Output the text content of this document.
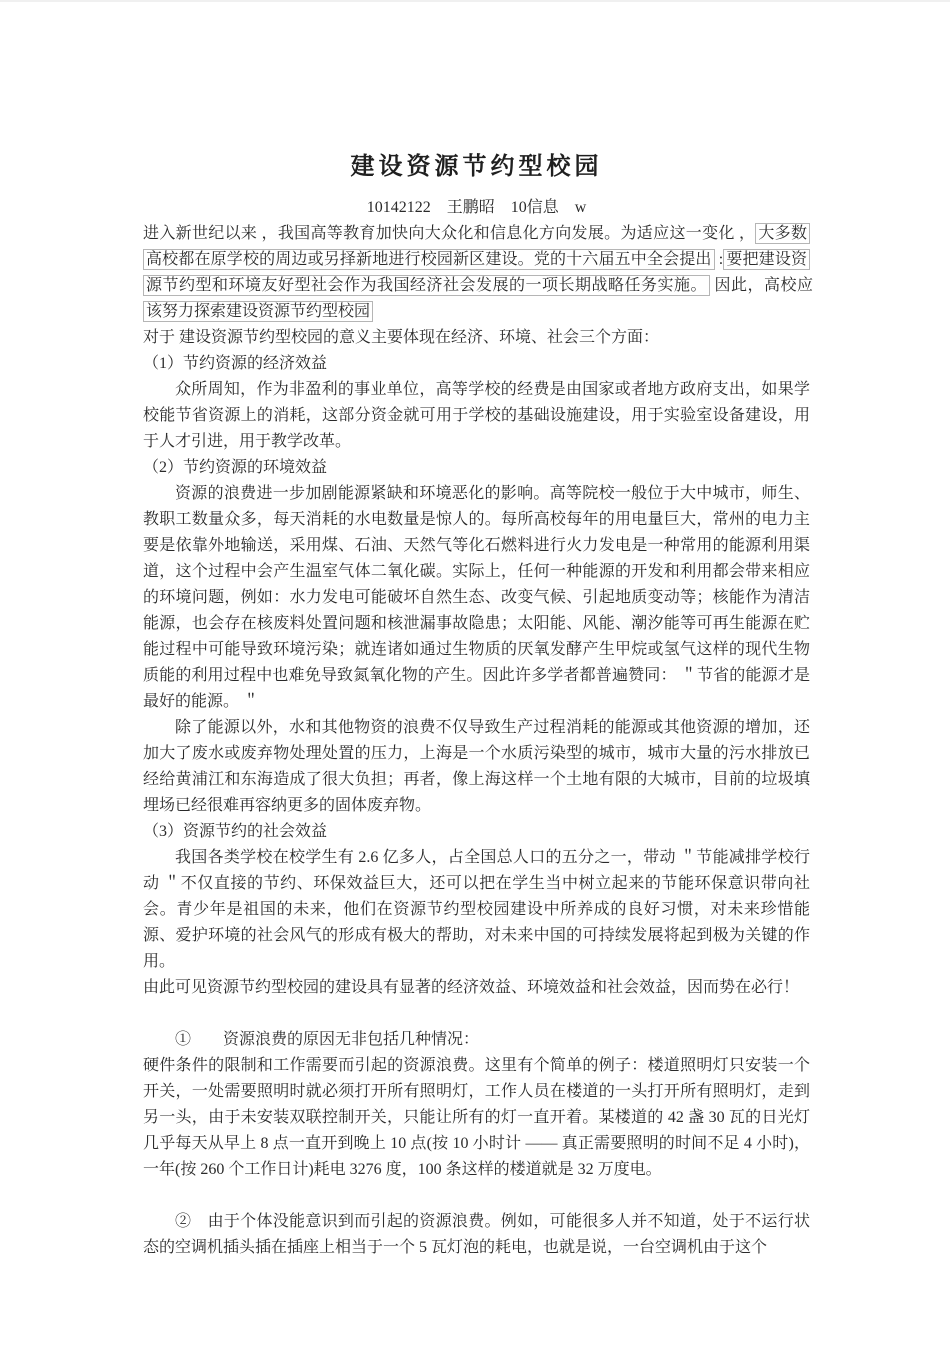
建设资源节约型校园

10142122　王鹏昭　10信息　w

进入新世纪以来 ，我国高等教育加快向大众化和信息化方向发展。为适应这一变化 ， 大多数高校都在原学校的周边或另择新地进行校园新区建设。党的十六届五中全会提出 : 要把建设资源节约型和环境友好型社会作为我国经济社会发展的一项长期战略任务实施。 因此，高校应该努力探索建设资源节约型校园

对于 建设资源节约型校园的意义主要体现在经济、环境、社会三个方面：

（1）节约资源的经济效益

众所周知，作为非盈利的事业单位，高等学校的经费是由国家或者地方政府支出，如果学校能节省资源上的消耗，这部分资金就可用于学校的基础设施建设，用于实验室设备建设，用于人才引进，用于教学改革。

（2）节约资源的环境效益

资源的浪费进一步加剧能源紧缺和环境恶化的影响。高等院校一般位于大中城市，师生、教职工数量众多，每天消耗的水电数量是惊人的。每所高校每年的用电量巨大，常州的电力主要是依靠外地输送，采用煤、石油、天然气等化石燃料进行火力发电是一种常用的能源利用渠道，这个过程中会产生温室气体二氧化碳。实际上，任何一种能源的开发和利用都会带来相应的环境问题，例如：水力发电可能破坏自然生态、改变气候、引起地质变动等；核能作为清洁能源，也会存在核废料处置问题和核泄漏事故隐患；太阳能、风能、潮汐能等可再生能源在贮能过程中可能导致环境污染；就连诸如通过生物质的厌氧发酵产生甲烷或氢气这样的现代生物质能的利用过程中也难免导致氮氧化物的产生。因此许多学者都普遍赞同： ＂节省的能源才是最好的能源。 ＂

除了能源以外，水和其他物资的浪费不仅导致生产过程消耗的能源或其他资源的增加，还加大了废水或废弃物处理处置的压力，上海是一个水质污染型的城市，城市大量的污水排放已经给黄浦江和东海造成了很大负担；再者，像上海这样一个土地有限的大城市，目前的垃圾填埋场已经很难再容纳更多的固体废弃物。

（3）资源节约的社会效益

我国各类学校在校学生有 2.6 亿多人，占全国总人口的五分之一，带动 ＂节能减排学校行动 ＂不仅直接的节约、环保效益巨大，还可以把在学生当中树立起来的节能环保意识带向社会。青少年是祖国的未来，他们在资源节约型校园建设中所养成的良好习惯，对未来珍惜能源、爱护环境的社会风气的形成有极大的帮助，对未来中国的可持续发展将起到极为关键的作用。

由此可见资源节约型校园的建设具有显著的经济效益、环境效益和社会效益，因而势在必行！

①　　资源浪费的原因无非包括几种情况：

硬件条件的限制和工作需要而引起的资源浪费。这里有个简单的例子：楼道照明灯只安装一个开关，一处需要照明时就必须打开所有照明灯，工作人员在楼道的一头打开所有照明灯，走到另一头，由于未安装双联控制开关，只能让所有的灯一直开着。某楼道的 42 盏 30 瓦的日光灯几乎每天从早上 8 点一直开到晚上 10 点(按 10 小时计 —— 真正需要照明的时间不足 4 小时)，一年(按 260 个工作日计)耗电 3276 度，100 条这样的楼道就是 32 万度电。

②　由于个体没能意识到而引起的资源浪费。例如，可能很多人并不知道，处于不运行状态的空调机插头插在插座上相当于一个 5 瓦灯泡的耗电，也就是说，一台空调机由于这个
